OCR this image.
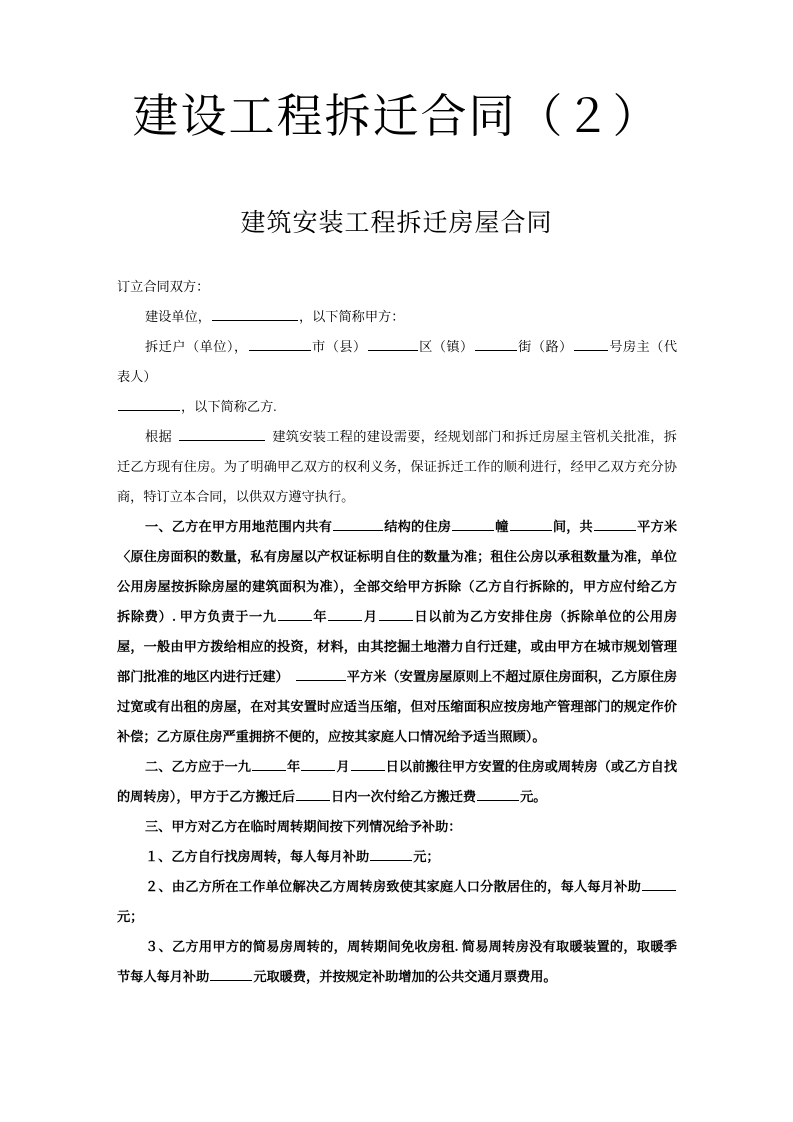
建设工程拆迁合同（２）
建筑安装工程拆迁房屋合同

订立合同双方：

建设单位，	，以下简称甲方：

拆迁户（单位），	市（县）	区（镇）	街（路）	号房主（代表人）

，以下简称乙方.

根据	建筑安装工程的建设需要，经规划部门和拆迁房屋主管机关批准，拆迁乙方现有住房。为了明确甲乙双方的权利义务，保证拆迁工作的顺利进行，经甲乙双方充分协商，特订立本合同，以供双方遵守执行。

一、乙方在甲方用地范围内共有	结构的住房	幢	间，共	平方米〈原住房面积的数量，私有房屋以产权证标明自住的数量为准；租住公房以承租数量为准，单位公用房屋按拆除房屋的建筑面积为准），全部交给甲方拆除（乙方自行拆除的，甲方应付给乙方拆除费）. 甲方负责于一九	年	月	日以前为乙方安排住房（拆除单位的公用房屋，一般由甲方拨给相应的投资，材料，由其挖掘土地潜力自行迁建，或由甲方在城市规划管理部门批准的地区内进行迁建）	平方米（安置房屋原则上不超过原住房面积，乙方原住房过宽或有出租的房屋，在对其安置时应适当压缩，但对压缩面积应按房地产管理部门的规定作价补偿；乙方原住房严重拥挤不便的，应按其家庭人口情况给予适当照顾）。

二、乙方应于一九	年	月	日以前搬往甲方安置的住房或周转房（或乙方自找的周转房），甲方于乙方搬迁后	日内一次付给乙方搬迁费	元。

三、甲方对乙方在临时周转期间按下列情况给予补助：

１、乙方自行找房周转，每人每月补助	元；

２、由乙方所在工作单位解决乙方周转房致使其家庭人口分散居住的，每人每月补助元；

３、乙方用甲方的简易房周转的，周转期间免收房租. 简易周转房没有取暖装置的，取暖季节每人每月补助	元取暖费，并按规定补助增加的公共交通月票费用。
